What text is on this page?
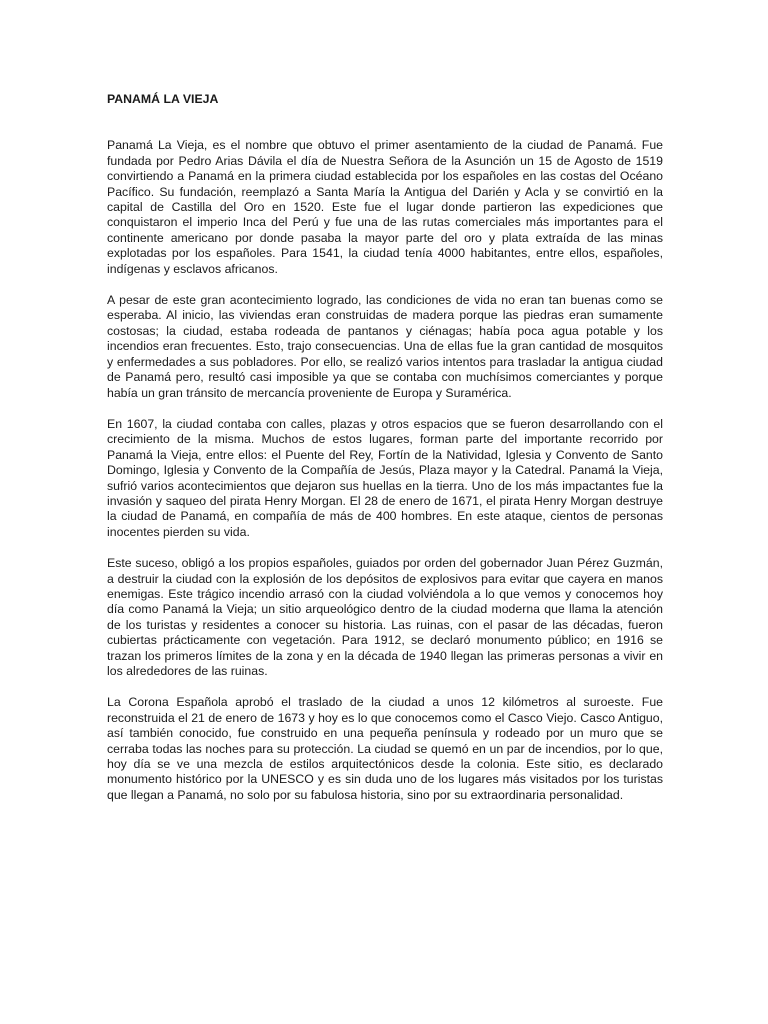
PANAMÁ LA VIEJA

Panamá La Vieja, es el nombre que obtuvo el primer asentamiento de la ciudad de Panamá. Fue fundada por Pedro Arias Dávila el día de Nuestra Señora de la Asunción un 15 de Agosto de 1519 convirtiendo a Panamá en la primera ciudad establecida por los españoles en las costas del Océano Pacífico. Su fundación, reemplazó a Santa María la Antigua del Darién y Acla y se convirtió en la capital de Castilla del Oro en 1520. Este fue el lugar donde partieron las expediciones que conquistaron el imperio Inca del Perú y fue una de las rutas comerciales más importantes para el continente americano por donde pasaba la mayor parte del oro y plata extraída de las minas explotadas por los españoles. Para 1541, la ciudad tenía 4000 habitantes, entre ellos, españoles, indígenas y esclavos africanos.

A pesar de este gran acontecimiento logrado, las condiciones de vida no eran tan buenas como se esperaba. Al inicio, las viviendas eran construidas de madera porque las piedras eran sumamente costosas; la ciudad, estaba rodeada de pantanos y ciénagas; había poca agua potable y los incendios eran frecuentes. Esto, trajo consecuencias. Una de ellas fue la gran cantidad de mosquitos y enfermedades a sus pobladores. Por ello, se realizó varios intentos para trasladar la antigua ciudad de Panamá pero, resultó casi imposible ya que se contaba con muchísimos comerciantes y porque había un gran tránsito de mercancía proveniente de Europa y Suramérica.

En 1607, la ciudad contaba con calles, plazas y otros espacios que se fueron desarrollando con el crecimiento de la misma. Muchos de estos lugares, forman parte del importante recorrido por Panamá la Vieja, entre ellos: el Puente del Rey, Fortín de la Natividad, Iglesia y Convento de Santo Domingo, Iglesia y Convento de la Compañía de Jesús, Plaza mayor y la Catedral. Panamá la Vieja, sufrió varios acontecimientos que dejaron sus huellas en la tierra. Uno de los más impactantes fue la invasión y saqueo del pirata Henry Morgan. El 28 de enero de 1671, el pirata Henry Morgan destruye la ciudad de Panamá, en compañía de más de 400 hombres. En este ataque, cientos de personas inocentes pierden su vida.

Este suceso, obligó a los propios españoles, guiados por orden del gobernador Juan Pérez Guzmán, a destruir la ciudad con la explosión de los depósitos de explosivos para evitar que cayera en manos enemigas. Este trágico incendio arrasó con la ciudad volviéndola a lo que vemos y conocemos hoy día como Panamá la Vieja; un sitio arqueológico dentro de la ciudad moderna que llama la atención de los turistas y residentes a conocer su historia. Las ruinas, con el pasar de las décadas, fueron cubiertas prácticamente con vegetación. Para 1912, se declaró monumento público; en 1916 se trazan los primeros límites de la zona y en la década de 1940 llegan las primeras personas a vivir en los alrededores de las ruinas.

La Corona Española aprobó el traslado de la ciudad a unos 12 kilómetros al suroeste. Fue reconstruida el 21 de enero de 1673 y hoy es lo que conocemos como el Casco Viejo. Casco Antiguo, así también conocido, fue construido en una pequeña península y rodeado por un muro que se cerraba todas las noches para su protección. La ciudad se quemó en un par de incendios, por lo que, hoy día se ve una mezcla de estilos arquitectónicos desde la colonia. Este sitio, es declarado monumento histórico por la UNESCO y es sin duda uno de los lugares más visitados por los turistas que llegan a Panamá, no solo por su fabulosa historia, sino por su extraordinaria personalidad.
